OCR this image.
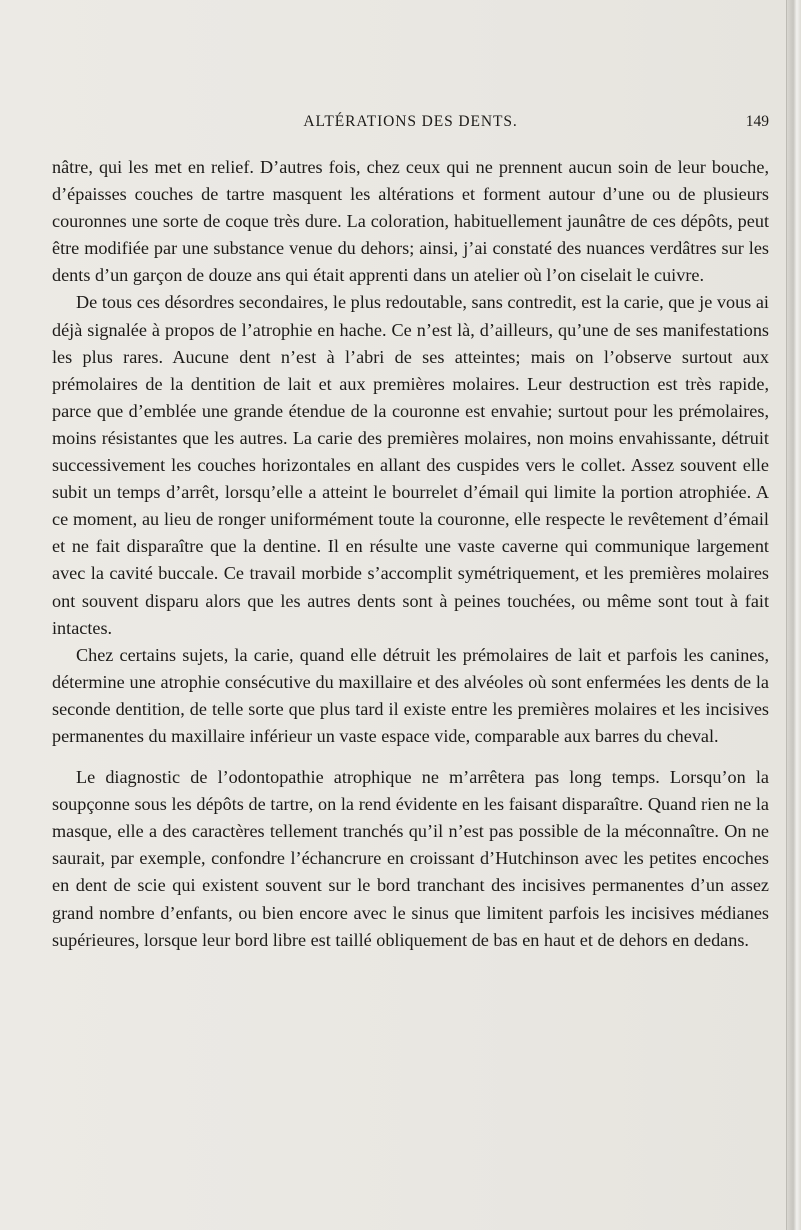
ALTÉRATIONS DES DENTS.	149

nâtre, qui les met en relief. D’autres fois, chez ceux qui ne prennent aucun soin de leur bouche, d’épaisses couches de tartre masquent les altérations et forment autour d’une ou de plusieurs couronnes une sorte de coque très dure. La coloration, habituellement jaunâtre de ces dépôts, peut être modifiée par une substance venue du dehors; ainsi, j’ai constaté des nuances verdâtres sur les dents d’un garçon de douze ans qui était apprenti dans un atelier où l’on ciselait le cuivre.

De tous ces désordres secondaires, le plus redoutable, sans contredit, est la carie, que je vous ai déjà signalée à propos de l’atrophie en hache. Ce n’est là, d’ailleurs, qu’une de ses manifestations les plus rares. Aucune dent n’est à l’abri de ses atteintes; mais on l’observe surtout aux prémolaires de la dentition de lait et aux premières molaires. Leur destruction est très rapide, parce que d’emblée une grande étendue de la couronne est envahie; surtout pour les prémolaires, moins résistantes que les autres. La carie des premières molaires, non moins envahissante, détruit successivement les couches horizontales en allant des cuspides vers le collet. Assez souvent elle subit un temps d’arrêt, lorsqu’elle a atteint le bourrelet d’émail qui limite la portion atrophiée. A ce moment, au lieu de ronger uniformément toute la couronne, elle respecte le revêtement d’émail et ne fait disparaître que la dentine. Il en résulte une vaste caverne qui communique largement avec la cavité buccale. Ce travail morbide s’accomplit symétriquement, et les premières molaires ont souvent disparu alors que les autres dents sont à peines touchées, ou même sont tout à fait intactes.

Chez certains sujets, la carie, quand elle détruit les prémolaires de lait et parfois les canines, détermine une atrophie consécutive du maxillaire et des alvéoles où sont enfermées les dents de la seconde dentition, de telle sorte que plus tard il existe entre les premières molaires et les incisives permanentes du maxillaire inférieur un vaste espace vide, comparable aux barres du cheval.

Le diagnostic de l’odontopathie atrophique ne m’arrêtera pas long temps. Lorsqu’on la soupçonne sous les dépôts de tartre, on la rend évidente en les faisant disparaître. Quand rien ne la masque, elle a des caractères tellement tranchés qu’il n’est pas possible de la méconnaître. On ne saurait, par exemple, confondre l’échancrure en croissant d’Hutchinson avec les petites encoches en dent de scie qui existent souvent sur le bord tranchant des incisives permanentes d’un assez grand nombre d’enfants, ou bien encore avec le sinus que limitent parfois les incisives médianes supérieures, lorsque leur bord libre est taillé obliquement de bas en haut et de dehors en dedans.
